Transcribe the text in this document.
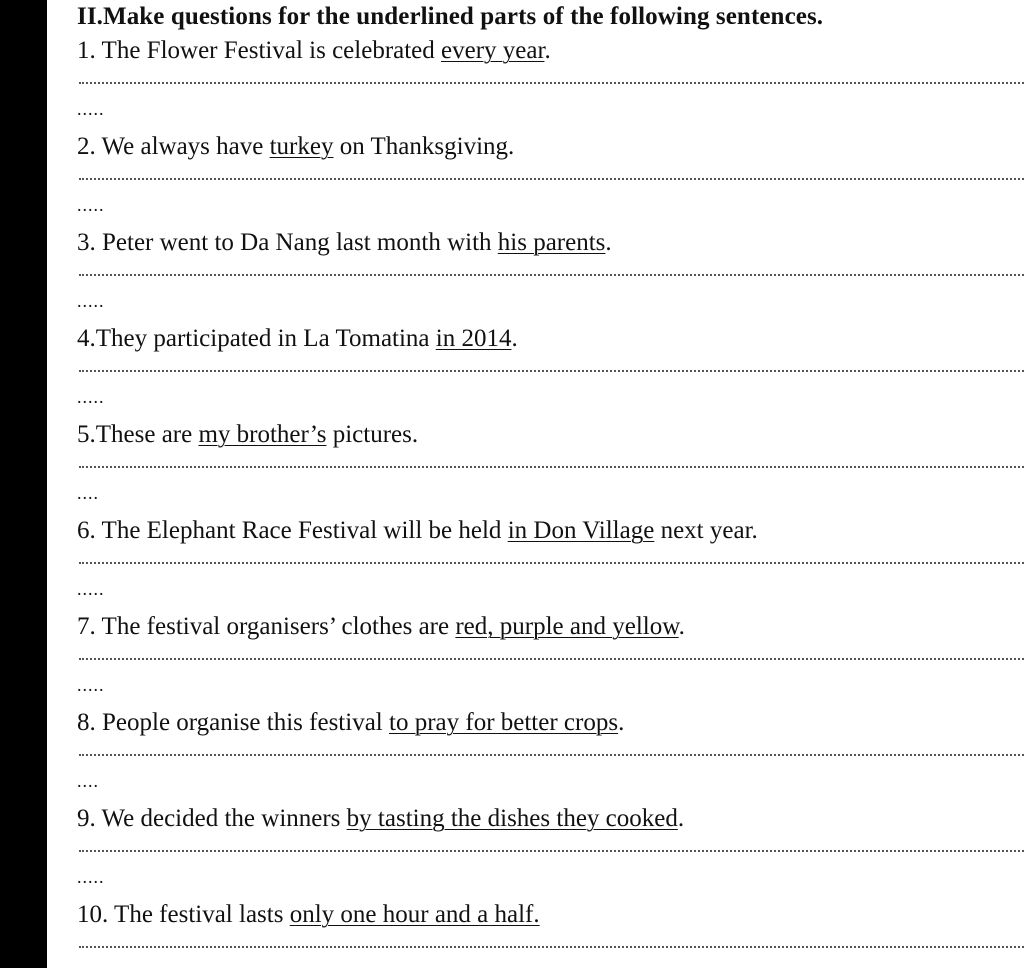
II.Make questions for the underlined parts of the following sentences.
1. The Flower Festival is celebrated every year.
.....
2. We always have turkey on Thanksgiving.
.....
3. Peter went to Da Nang last month with his parents.
.....
4.They participated in La Tomatina in 2014.
.....
5.These are my brother’s pictures.
....
6. The Elephant Race Festival will be held in Don Village next year.
.....
7. The festival organisers’ clothes are red, purple and yellow.
.....
8. People organise this festival to pray for better crops.
....
9. We decided the winners by tasting the dishes they cooked.
.....
10. The festival lasts only one hour and a half.
